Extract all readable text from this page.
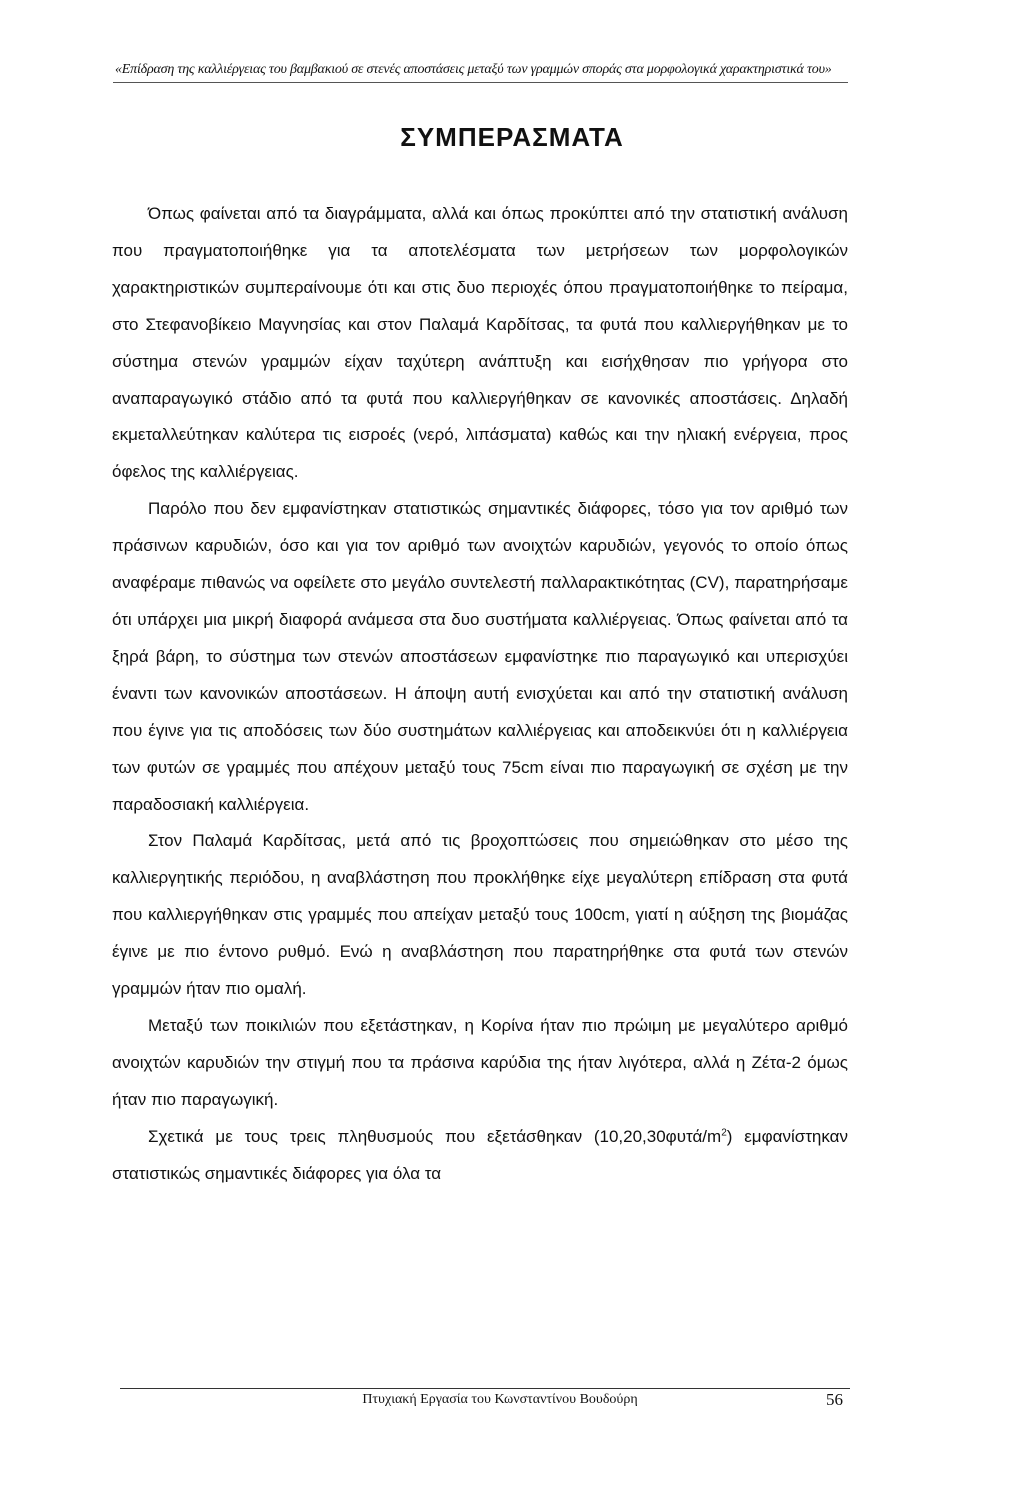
«Επίδραση της καλλιέργειας του βαμβακιού σε στενές αποστάσεις μεταξύ των γραμμών σποράς στα μορφολογικά χαρακτηριστικά του»
ΣΥΜΠΕΡΑΣΜΑΤΑ

Όπως φαίνεται από τα διαγράμματα, αλλά και όπως προκύπτει από την στατιστική ανάλυση που πραγματοποιήθηκε για τα αποτελέσματα των μετρήσεων των μορφολογικών χαρακτηριστικών συμπεραίνουμε ότι και στις δυο περιοχές όπου πραγματοποιήθηκε το πείραμα, στο Στεφανοβίκειο Μαγνησίας και στον Παλαμά Καρδίτσας, τα φυτά που καλλιεργήθηκαν με το σύστημα στενών γραμμών είχαν ταχύτερη ανάπτυξη και εισήχθησαν πιο γρήγορα στο αναπαραγωγικό στάδιο από τα φυτά που καλλιεργήθηκαν σε κανονικές αποστάσεις. Δηλαδή εκμεταλλεύτηκαν καλύτερα τις εισροές (νερό, λιπάσματα) καθώς και την ηλιακή ενέργεια, προς όφελος της καλλιέργειας.

Παρόλο που δεν εμφανίστηκαν στατιστικώς σημαντικές διάφορες, τόσο για τον αριθμό των πράσινων καρυδιών, όσο και για τον αριθμό των ανοιχτών καρυδιών, γεγονός το οποίο όπως αναφέραμε πιθανώς να οφείλετε στο μεγάλο συντελεστή παλλαρακτικότητας (CV), παρατηρήσαμε ότι υπάρχει μια μικρή διαφορά ανάμεσα στα δυο συστήματα καλλιέργειας. Όπως φαίνεται από τα ξηρά βάρη, το σύστημα των στενών αποστάσεων εμφανίστηκε πιο παραγωγικό και υπερισχύει έναντι των κανονικών αποστάσεων. Η άποψη αυτή ενισχύεται και από την στατιστική ανάλυση που έγινε για τις αποδόσεις των δύο συστημάτων καλλιέργειας και αποδεικνύει ότι η καλλιέργεια των φυτών σε γραμμές που απέχουν μεταξύ τους 75cm είναι πιο παραγωγική σε σχέση με την παραδοσιακή καλλιέργεια.

Στον Παλαμά Καρδίτσας, μετά από τις βροχοπτώσεις που σημειώθηκαν στο μέσο της καλλιεργητικής περιόδου, η αναβλάστηση που προκλήθηκε είχε μεγαλύτερη επίδραση στα φυτά που καλλιεργήθηκαν στις γραμμές που απείχαν μεταξύ τους 100cm, γιατί η αύξηση της βιομάζας έγινε με πιο έντονο ρυθμό. Ενώ η αναβλάστηση που παρατηρήθηκε στα φυτά των στενών γραμμών ήταν πιο ομαλή.

Μεταξύ των ποικιλιών που εξετάστηκαν, η Κορίνα ήταν πιο πρώιμη με μεγαλύτερο αριθμό ανοιχτών καρυδιών την στιγμή που τα πράσινα καρύδια της ήταν λιγότερα, αλλά η Ζέτα-2 όμως ήταν πιο παραγωγική.

Σχετικά με τους τρεις πληθυσμούς που εξετάσθηκαν $(10,20,30\varphi\upsilon\tau ά/m^2)$ εμφανίστηκαν στατιστικώς σημαντικές διάφορες για όλα τα

Πτυχιακή Εργασία του Κωνσταντίνου Βουδούρη	56
